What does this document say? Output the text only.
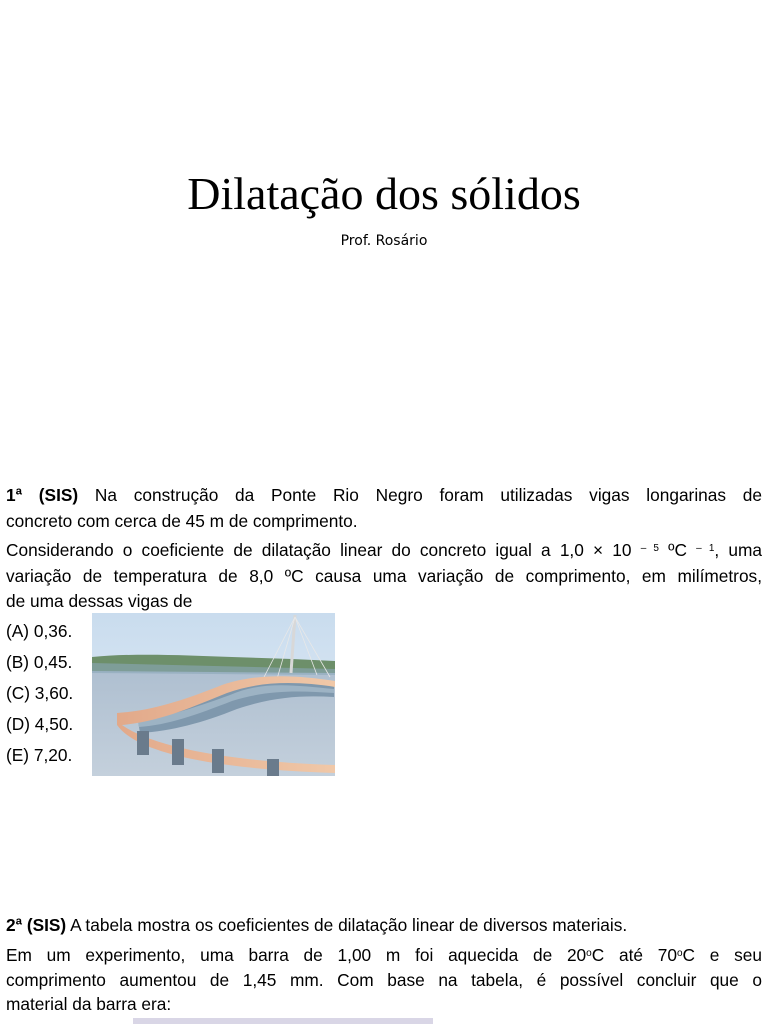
Dilatação dos sólidos
Prof. Rosário

1ª (SIS) Na construção da Ponte Rio Negro foram utilizadas vigas longarinas de

concreto com cerca de 45 m de comprimento.

Considerando o coeficiente de dilatação linear do concreto igual a 1,0 × 10 $^{- 5}$ ºC $^{- 1}$, uma

variação de temperatura de 8,0 ºC causa uma variação de comprimento, em milímetros,

de uma dessas vigas de

(A) 0,36.
(B) 0,45.
(C) 3,60.
(D) 4,50.
(E) 7,20.

2ª (SIS) A tabela mostra os coeficientes de dilatação linear de diversos materiais.

Em um experimento, uma barra de 1,00 m foi aquecida de 20$^o$C até 70$^o$C e seu

comprimento aumentou de 1,45 mm. Com base na tabela, é possível concluir que o

material da barra era:
